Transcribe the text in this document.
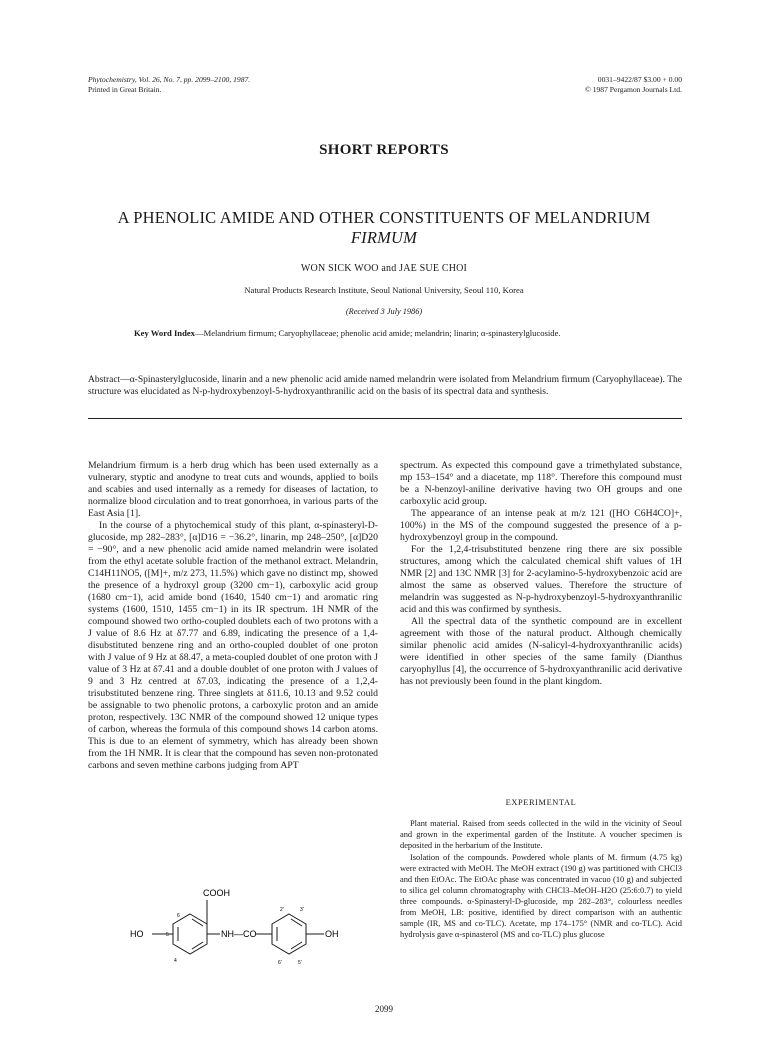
Phytochemistry, Vol. 26, No. 7, pp. 2099–2100, 1987.
Printed in Great Britain.
0031–9422/87 $3.00 + 0.00
© 1987 Pergamon Journals Ltd.
SHORT REPORTS
A PHENOLIC AMIDE AND OTHER CONSTITUENTS OF MELANDRIUM
FIRMUM
WON SICK WOO and JAE SUE CHOI
Natural Products Research Institute, Seoul National University, Seoul 110, Korea
(Received 3 July 1986)
Key Word Index—Melandrium firmum; Caryophyllaceae; phenolic acid amide; melandrin; linarin; α-spinasterylglucoside.
Abstract—α-Spinasterylglucoside, linarin and a new phenolic acid amide named melandrin were isolated from Melandrium firmum (Caryophyllaceae). The structure was elucidated as N-p-hydroxybenzoyl-5-hydroxyanthranilic acid on the basis of its spectral data and synthesis.

Melandrium firmum is a herb drug which has been used externally as a vulnerary, styptic and anodyne to treat cuts and wounds, applied to boils and scabies and used internally as a remedy for diseases of lactation, to normalize blood circulation and to treat gonorrhoea, in various parts of the East Asia [1].

In the course of a phytochemical study of this plant, α-spinasteryl-D-glucoside, mp 282–283°, [α]D16 = −36.2°, linarin, mp 248–250°, [α]D20 = −90°, and a new phenolic acid amide named melandrin were isolated from the ethyl acetate soluble fraction of the methanol extract. Melandrin, C14H11NO5, ([M]+, m/z 273, 11.5%) which gave no distinct mp, showed the presence of a hydroxyl group (3200 cm−1), carboxylic acid group (1680 cm−1), acid amide bond (1640, 1540 cm−1) and aromatic ring systems (1600, 1510, 1455 cm−1) in its IR spectrum. 1H NMR of the compound showed two ortho-coupled doublets each of two protons with a J value of 8.6 Hz at δ7.77 and 6.89, indicating the presence of a 1,4-disubstituted benzene ring and an ortho-coupled doublet of one proton with J value of 9 Hz at δ8.47, a meta-coupled doublet of one proton with J value of 3 Hz at δ7.41 and a double doublet of one proton with J values of 9 and 3 Hz centred at δ7.03, indicating the presence of a 1,2,4-trisubstituted benzene ring. Three singlets at δ11.6, 10.13 and 9.52 could be assignable to two phenolic protons, a carboxylic proton and an amide proton, respectively. 13C NMR of the compound showed 12 unique types of carbon, whereas the formula of this compound shows 14 carbon atoms. This is due to an element of symmetry, which has already been shown from the 1H NMR. It is clear that the compound has seven non-protonated carbons and seven methine carbons judging from APT

COOH
HO	NH—CO	OH
6
5
4
2'	3'
6'	5'

spectrum. As expected this compound gave a trimethylated substance, mp 153–154° and a diacetate, mp 118°. Therefore this compound must be a N-benzoyl-aniline derivative having two OH groups and one carboxylic acid group.

The appearance of an intense peak at m/z 121 ([HO C6H4CO]+, 100%) in the MS of the compound suggested the presence of a p-hydroxybenzoyl group in the compound.

For the 1,2,4-trisubstituted benzene ring there are six possible structures, among which the calculated chemical shift values of 1H NMR [2] and 13C NMR [3] for 2-acylamino-5-hydroxybenzoic acid are almost the same as observed values. Therefore the structure of melandrin was suggested as N-p-hydroxybenzoyl-5-hydroxyanthranilic acid and this was confirmed by synthesis.

All the spectral data of the synthetic compound are in excellent agreement with those of the natural product. Although chemically similar phenolic acid amides (N-salicyl-4-hydroxyanthranilic acids) were identified in other species of the same family (Dianthus caryophyllus [4], the occurrence of 5-hydroxyanthranilic acid derivative has not previously been found in the plant kingdom.

EXPERIMENTAL

Plant material. Raised from seeds collected in the wild in the vicinity of Seoul and grown in the experimental garden of the Institute. A voucher specimen is deposited in the herbarium of the Institute.

Isolation of the compounds. Powdered whole plants of M. firmum (4.75 kg) were extracted with MeOH. The MeOH extract (190 g) was partitioned with CHCl3 and then EtOAc. The EtOAc phase was concentrated in vacuo (10 g) and subjected to silica gel column chromatography with CHCl3–MeOH–H2O (25:6:0.7) to yield three compounds. α-Spinasteryl-D-glucoside, mp 282–283°, colourless needles from MeOH, LB: positive, identified by direct comparison with an authentic sample (IR, MS and co-TLC). Acetate, mp 174–175° (NMR and co-TLC). Acid hydrolysis gave α-spinasterol (MS and co-TLC) plus glucose

2099
